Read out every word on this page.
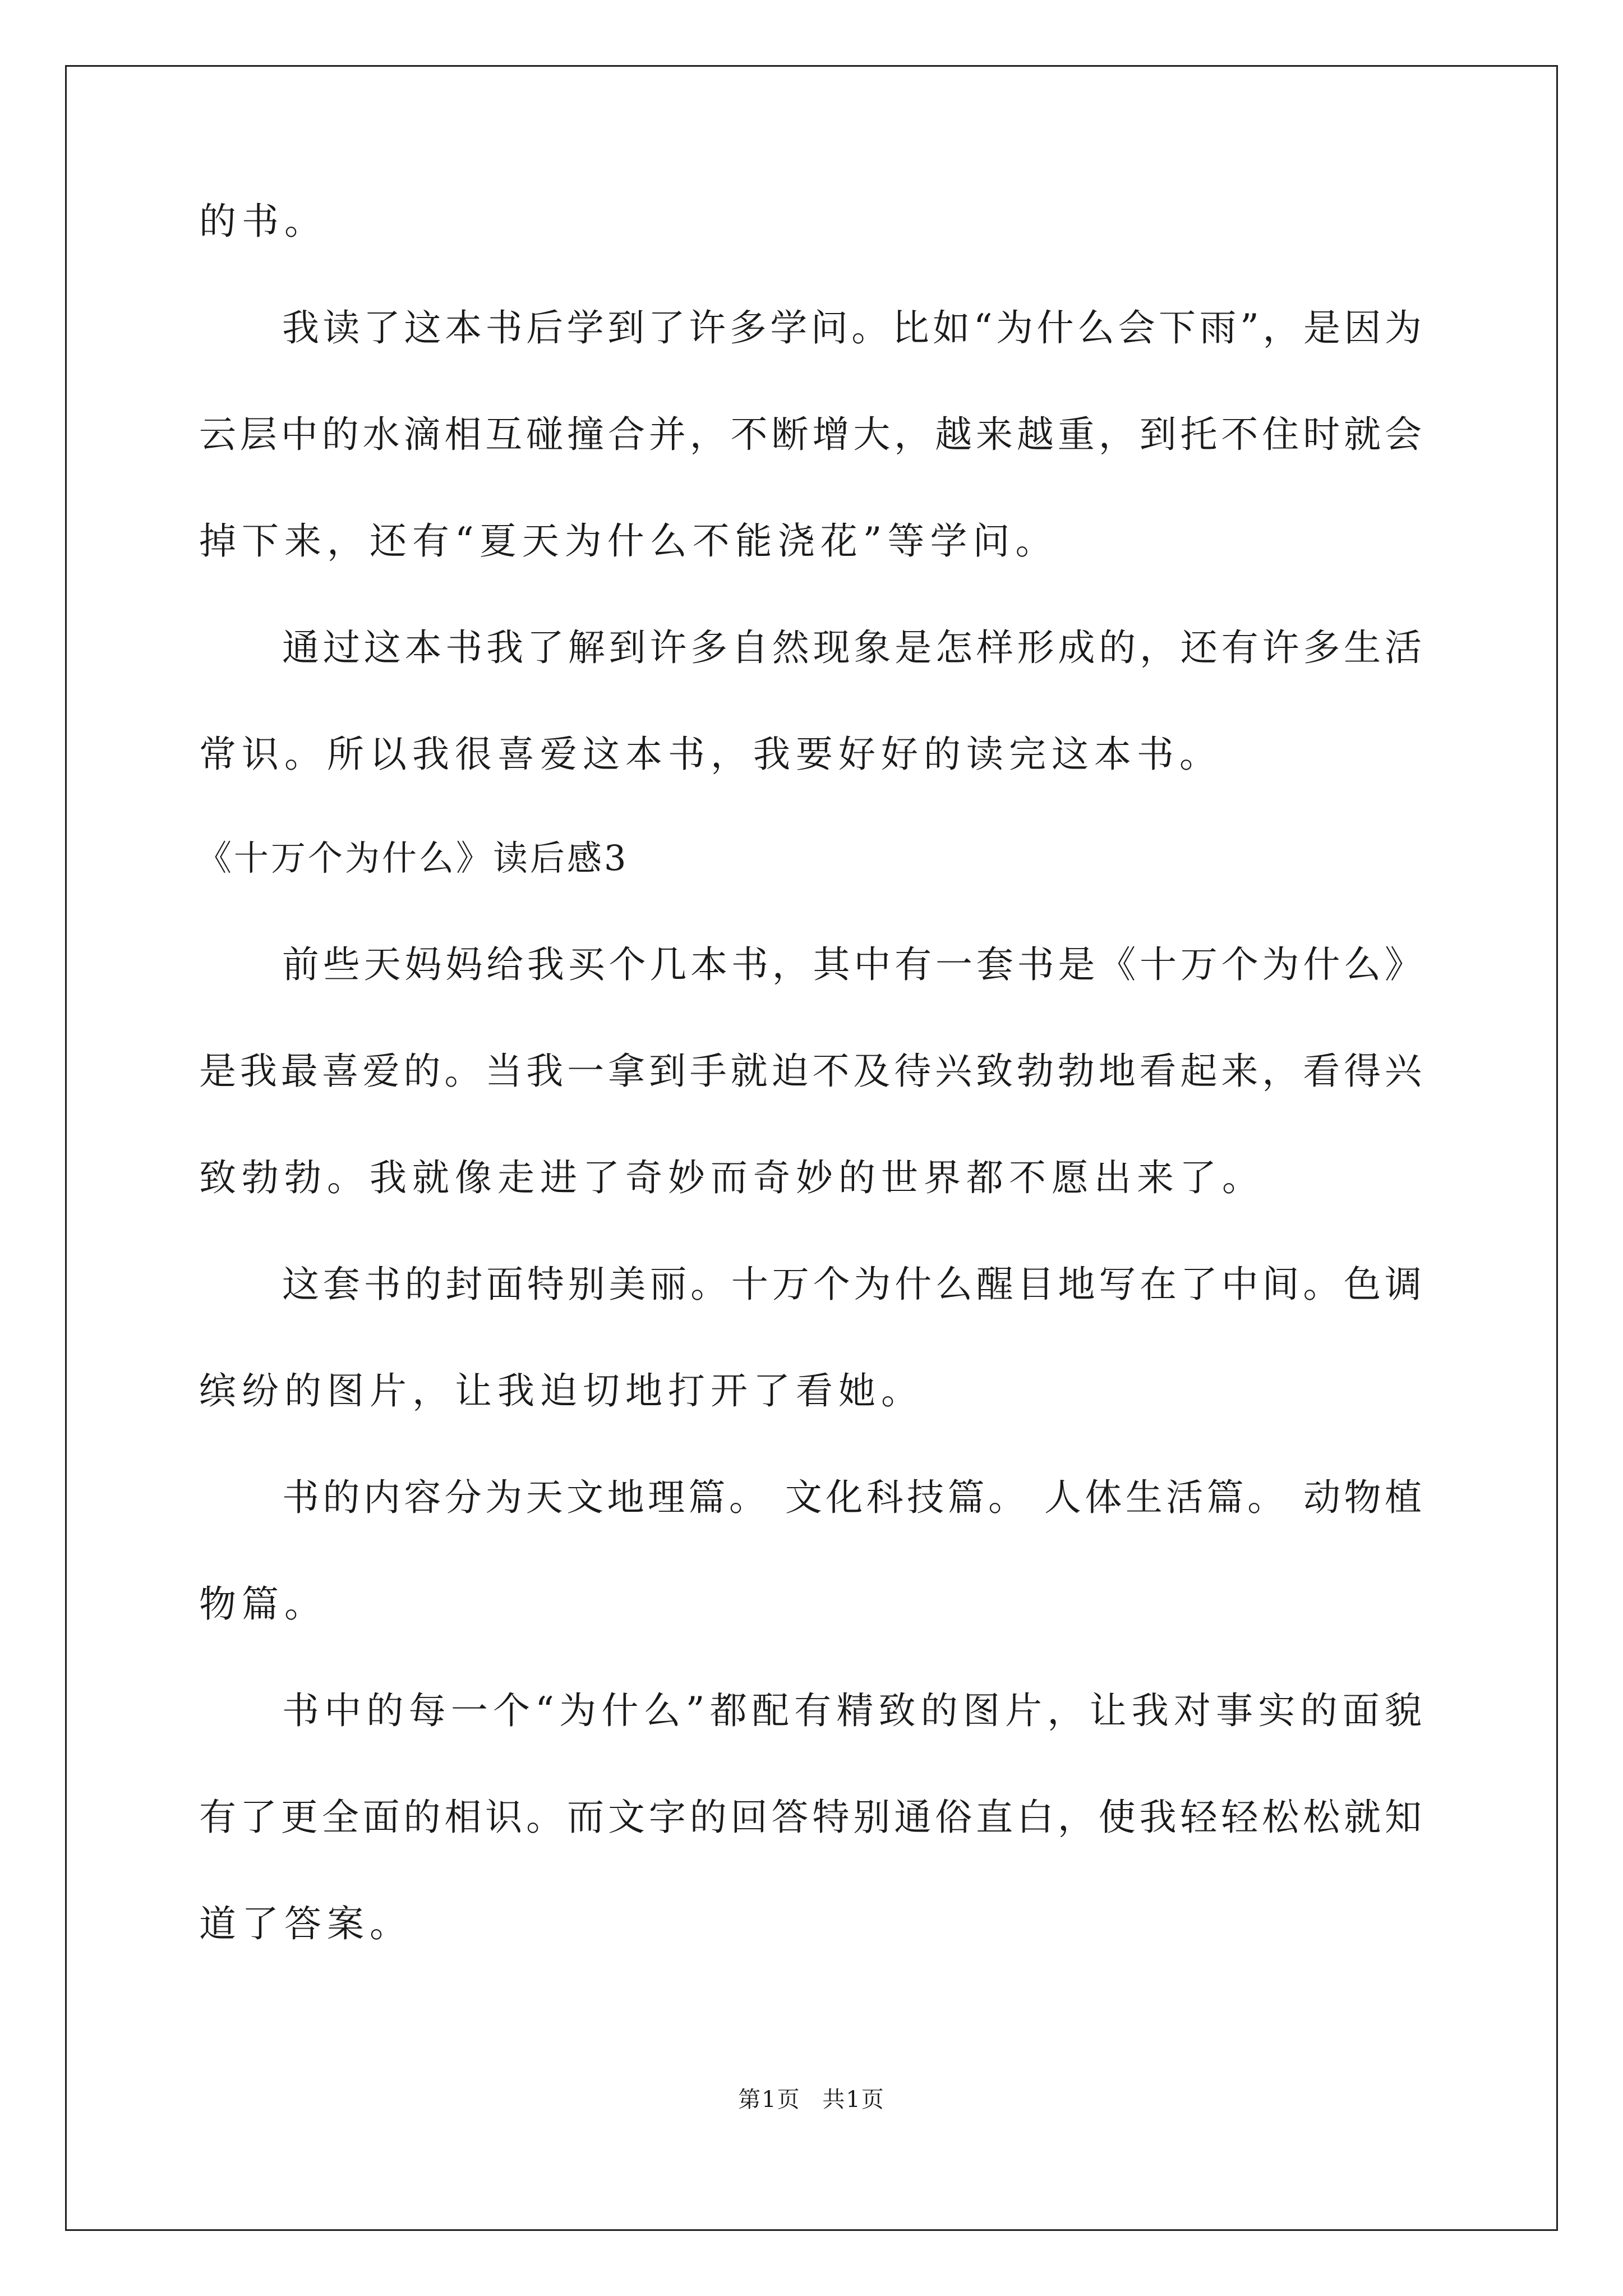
的书。
我读了这本书后学到了许多学问。比如“为什么会下雨”，是因为
云层中的水滴相互碰撞合并，不断增大，越来越重，到托不住时就会
掉下来，还有“夏天为什么不能浇花”等学问。
通过这本书我了解到许多自然现象是怎样形成的，还有许多生活
常识。所以我很喜爱这本书，我要好好的读完这本书。
《十万个为什么》读后感3
前些天妈妈给我买个几本书，其中有一套书是《十万个为什么》
是我最喜爱的。当我一拿到手就迫不及待兴致勃勃地看起来，看得兴
致勃勃。我就像走进了奇妙而奇妙的世界都不愿出来了。
这套书的封面特别美丽。十万个为什么醒目地写在了中间。色调
缤纷的图片，让我迫切地打开了看她。
书的内容分为天文地理篇。 文化科技篇。 人体生活篇。 动物植
物篇。
书中的每一个“为什么”都配有精致的图片，让我对事实的面貌
有了更全面的相识。而文字的回答特别通俗直白，使我轻轻松松就知
道了答案。
第1页 共1页
